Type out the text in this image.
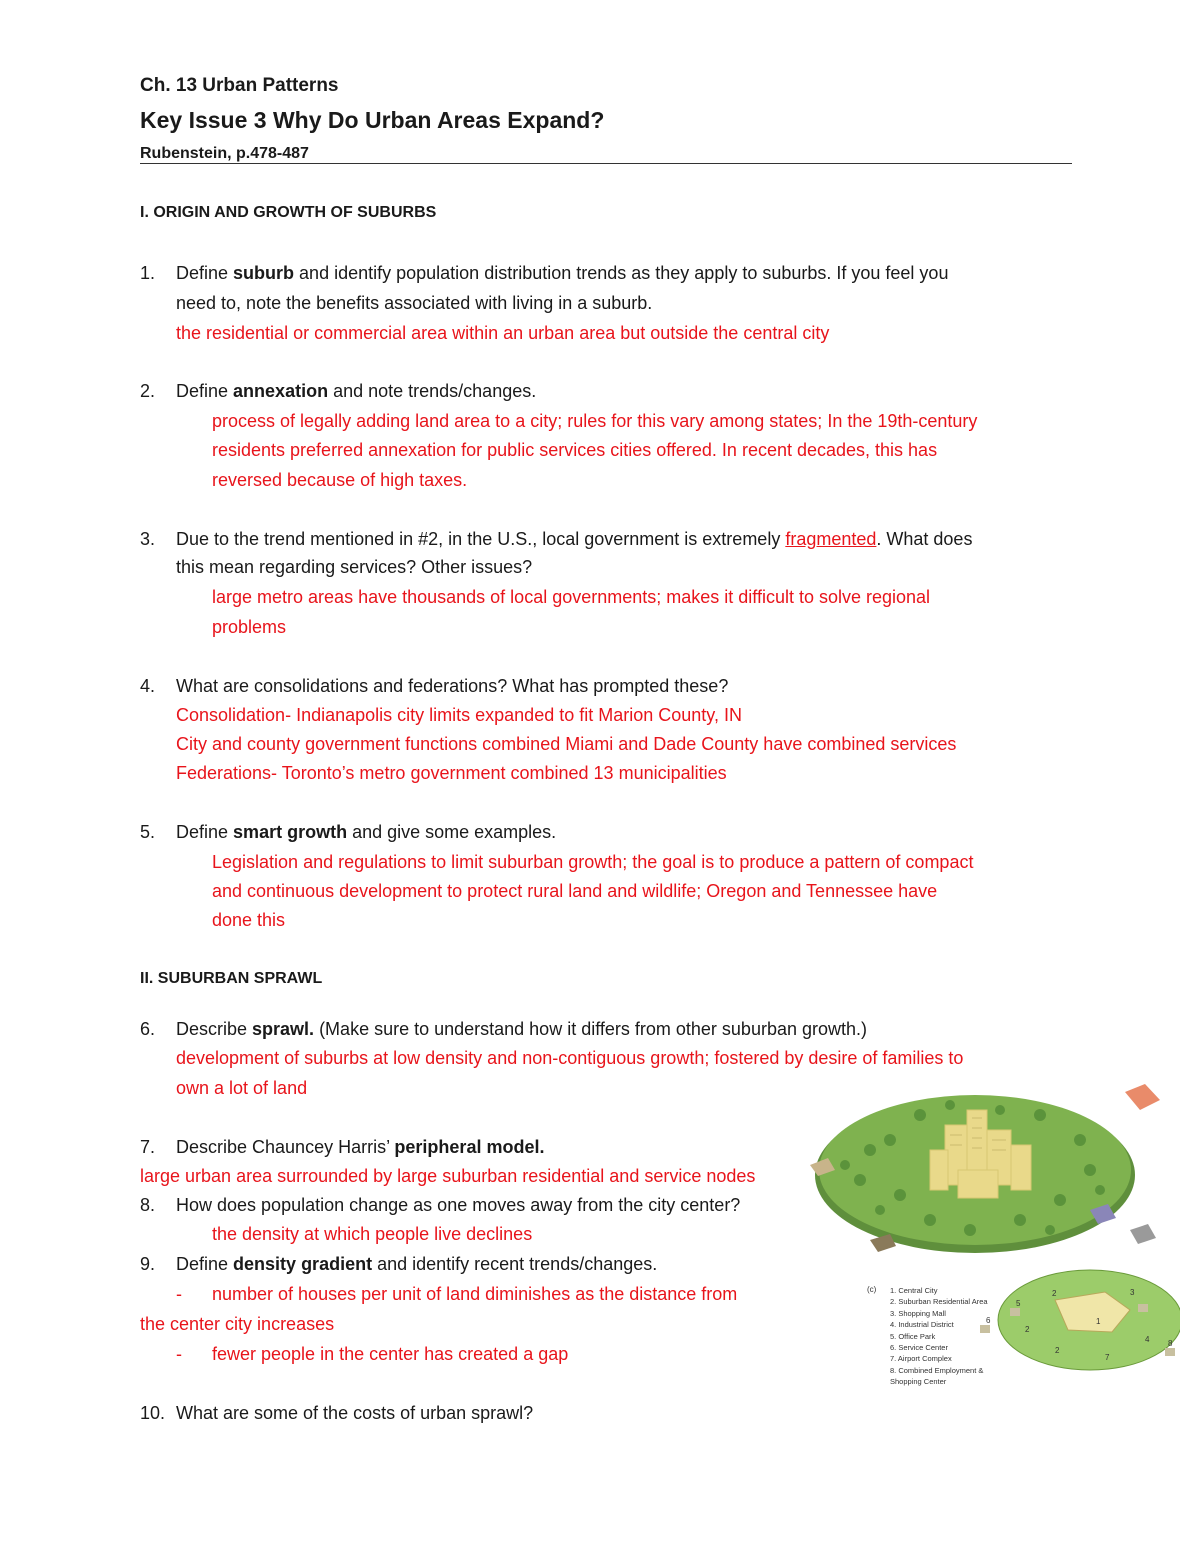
Ch. 13 Urban Patterns
Key Issue 3 Why Do Urban Areas Expand?
Rubenstein, p.478-487
I. ORIGIN AND GROWTH OF SUBURBS
1. Define suburb and identify population distribution trends as they apply to suburbs. If you feel you
need to, note the benefits associated with living in a suburb.
the residential or commercial area within an urban area but outside the central city
2. Define annexation and note trends/changes.
process of legally adding land area to a city; rules for this vary among states; In the 19th-century
residents preferred annexation for public services cities offered. In recent decades, this has
reversed because of high taxes.
3. Due to the trend mentioned in #2, in the U.S., local government is extremely fragmented. What does
this mean regarding services? Other issues?
large metro areas have thousands of local governments; makes it difficult to solve regional
problems
4. What are consolidations and federations? What has prompted these?
Consolidation- Indianapolis city limits expanded to fit Marion County, IN
City and county government functions combined Miami and Dade County have combined services
Federations- Toronto’s metro government combined 13 municipalities
5. Define smart growth and give some examples.
Legislation and regulations to limit suburban growth; the goal is to produce a pattern of compact
and continuous development to protect rural land and wildlife; Oregon and Tennessee have
done this
II. SUBURBAN SPRAWL
6. Describe sprawl. (Make sure to understand how it differs from other suburban growth.)
development of suburbs at low density and non-contiguous growth; fostered by desire of families to
own a lot of land
7. Describe Chauncey Harris’ peripheral model.
large urban area surrounded by large suburban residential and service nodes
8. How does population change as one moves away from the city center?
the density at which people live declines
9. Define density gradient and identify recent trends/changes.
- number of houses per unit of land diminishes as the distance from
the center city increases
- fewer people in the center has created a gap
10. What are some of the costs of urban sprawl?
1
2
2
2
3
4
5
6
7
8
(c) 1. Central City
2. Suburban Residential Area
3. Shopping Mall
4. Industrial District
5. Office Park
6. Service Center
7. Airport Complex
8. Combined Employment &
Shopping Center
